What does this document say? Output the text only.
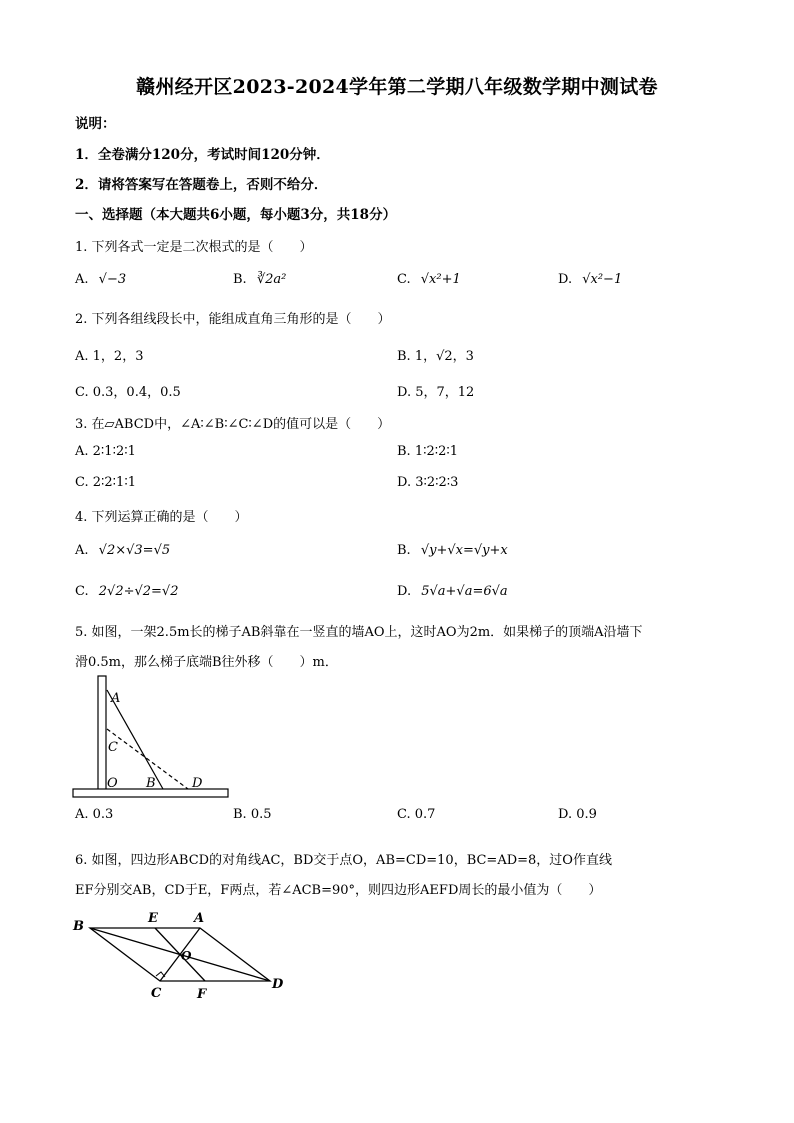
赣州经开区2023-2024学年第二学期八年级数学期中测试卷
说明：
1．全卷满分120分，考试时间120分钟．
2．请将答案写在答题卷上，否则不给分．
一、选择题（本大题共6小题，每小题3分，共18分）
1. 下列各式一定是二次根式的是（　　）
A. √−3	B. ∛2a²	C. √x²+1	D. √x²−1
2. 下列各组线段长中，能组成直角三角形的是（　　）
A. 1，2，3	B. 1，√2，3
C. 0.3，0.4，0.5	D. 5，7，12
3. 在▱ABCD中，∠A∶∠B∶∠C∶∠D的值可以是（　　）
A. 2∶1∶2∶1	B. 1∶2∶2∶1
C. 2∶2∶1∶1	D. 3∶2∶2∶3
4. 下列运算正确的是（　　）
A. √2×√3=√5	B. √y+√x=√y+x
C. 2√2÷√2=√2	D. 5√a+√a=6√a
5. 如图，一架2.5m长的梯子AB斜靠在一竖直的墙AO上，这时AO为2m．如果梯子的顶端A沿墙下
滑0.5m，那么梯子底端B往外移（　　）m．
A
C
O B	D
A. 0.3	B. 0.5	C. 0.7	D. 0.9
6. 如图，四边形ABCD的对角线AC，BD交于点O，AB=CD=10，BC=AD=8，过O作直线
EF分别交AB，CD于E，F两点，若∠ACB=90°，则四边形AEFD周长的最小值为（　　）
B
E	A
O
C	F
D
